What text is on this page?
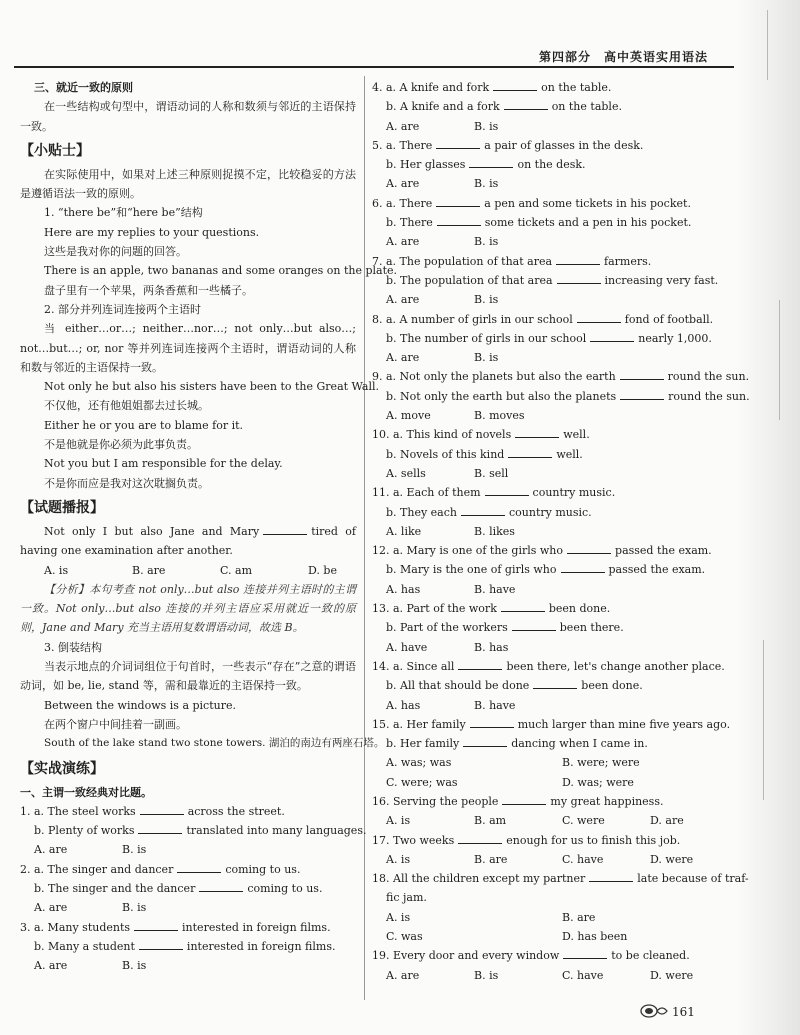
第四部分　高中英语实用语法

三、就近一致的原则

在一些结构或句型中，谓语动词的人称和数须与邻近的主语保持一致。

【小贴士】

在实际使用中，如果对上述三种原则捉摸不定，比较稳妥的方法是遵循语法一致的原则。

1. “there be”和“here be”结构

Here are my replies to your questions.

这些是我对你的问题的回答。

There is an apple, two bananas and some oranges on the plate.

盘子里有一个苹果，两条香蕉和一些橘子。

2. 部分并列连词连接两个主语时

当 either…or…; neither…nor…; not only…but also…; not…but…; or, nor 等并列连词连接两个主语时，谓语动词的人称和数与邻近的主语保持一致。

Not only he but also his sisters have been to the Great Wall.

不仅他，还有他姐姐都去过长城。

Either he or you are to blame for it.

不是他就是你必须为此事负责。

Not you but I am responsible for the delay.

不是你而应是我对这次耽搁负责。

【试题播报】

Not only I but also Jane and Mary	tired of having one examination after another.

A. is	B. are	C. am	D. be

【分析】本句考查 not only…but also 连接并列主语时的主谓一致。Not only…but also 连接的并列主语应采用就近一致的原则，Jane and Mary 充当主语用复数谓语动词，故选 B。

3. 倒装结构

当表示地点的介词词组位于句首时，一些表示“存在”之意的谓语动词，如 be, lie, stand 等，需和最靠近的主语保持一致。

Between the windows is a picture.

在两个窗户中间挂着一副画。

South of the lake stand two stone towers. 湖泊的南边有两座石塔。

【实战演练】

一、主谓一致经典对比题。

1. a. The steel works	across the street.

b. Plenty of works	translated into many languages.

A. are	B. is

2. a. The singer and dancer	coming to us.

b. The singer and the dancer	coming to us.

A. are	B. is

3. a. Many students	interested in foreign films.

b. Many a student	interested in foreign films.

A. are	B. is

4. a. A knife and fork	on the table.

b. A knife and a fork	on the table.

A. are	B. is

5. a. There	a pair of glasses in the desk.

b. Her glasses	on the desk.

A. are	B. is

6. a. There	a pen and some tickets in his pocket.

b. There	some tickets and a pen in his pocket.

A. are	B. is

7. a. The population of that area	farmers.

b. The population of that area	increasing very fast.

A. are	B. is

8. a. A number of girls in our school	fond of football.

b. The number of girls in our school	nearly 1,000.

A. are	B. is

9. a. Not only the planets but also the earth	round the sun.

b. Not only the earth but also the planets	round the sun.

A. move	B. moves

10. a. This kind of novels	well.

b. Novels of this kind	well.

A. sells	B. sell

11. a. Each of them	country music.

b. They each	country music.

A. like	B. likes

12. a. Mary is one of the girls who	passed the exam.

b. Mary is the one of girls who	passed the exam.

A. has	B. have

13. a. Part of the work	been done.

b. Part of the workers	been there.

A. have	B. has

14. a. Since all	been there, let's change another place.

b. All that should be done	been done.

A. has	B. have

15. a. Her family	much larger than mine five years ago.

b. Her family	dancing when I came in.

A. was; was	B. were; were

C. were; was	D. was; were

16. Serving the people	my great happiness.

A. is	B. am	C. were	D. are

17. Two weeks	enough for us to finish this job.

A. is	B. are	C. have	D. were

18. All the children except my partner	late because of traf-

fic jam.

A. is	B. are

C. was	D. has been

19. Every door and every window	to be cleaned.

A. are	B. is	C. have	D. were

161
